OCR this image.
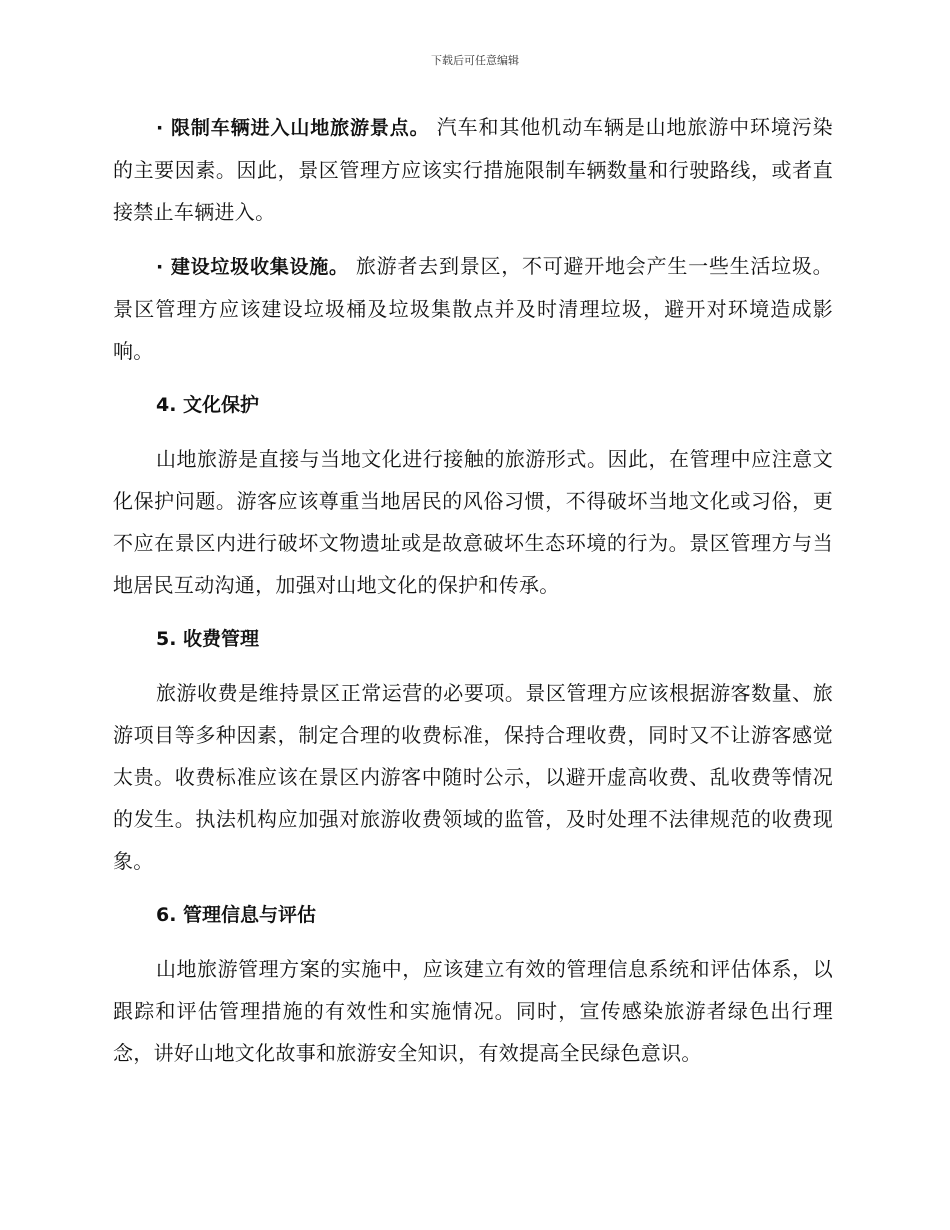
下载后可任意编辑

· 限制车辆进入山地旅游景点。 汽车和其他机动车辆是山地旅游中环境污染的主要因素。因此，景区管理方应该实行措施限制车辆数量和行驶路线，或者直接禁止车辆进入。

· 建设垃圾收集设施。 旅游者去到景区，不可避开地会产生一些生活垃圾。景区管理方应该建设垃圾桶及垃圾集散点并及时清理垃圾，避开对环境造成影响。

4. 文化保护

山地旅游是直接与当地文化进行接触的旅游形式。因此，在管理中应注意文化保护问题。游客应该尊重当地居民的风俗习惯，不得破坏当地文化或习俗，更不应在景区内进行破坏文物遗址或是故意破坏生态环境的行为。景区管理方与当地居民互动沟通，加强对山地文化的保护和传承。

5. 收费管理

旅游收费是维持景区正常运营的必要项。景区管理方应该根据游客数量、旅游项目等多种因素，制定合理的收费标准，保持合理收费，同时又不让游客感觉太贵。收费标准应该在景区内游客中随时公示，以避开虚高收费、乱收费等情况的发生。执法机构应加强对旅游收费领域的监管，及时处理不法律规范的收费现象。

6. 管理信息与评估

山地旅游管理方案的实施中，应该建立有效的管理信息系统和评估体系，以跟踪和评估管理措施的有效性和实施情况。同时，宣传感染旅游者绿色出行理念，讲好山地文化故事和旅游安全知识，有效提高全民绿色意识。
